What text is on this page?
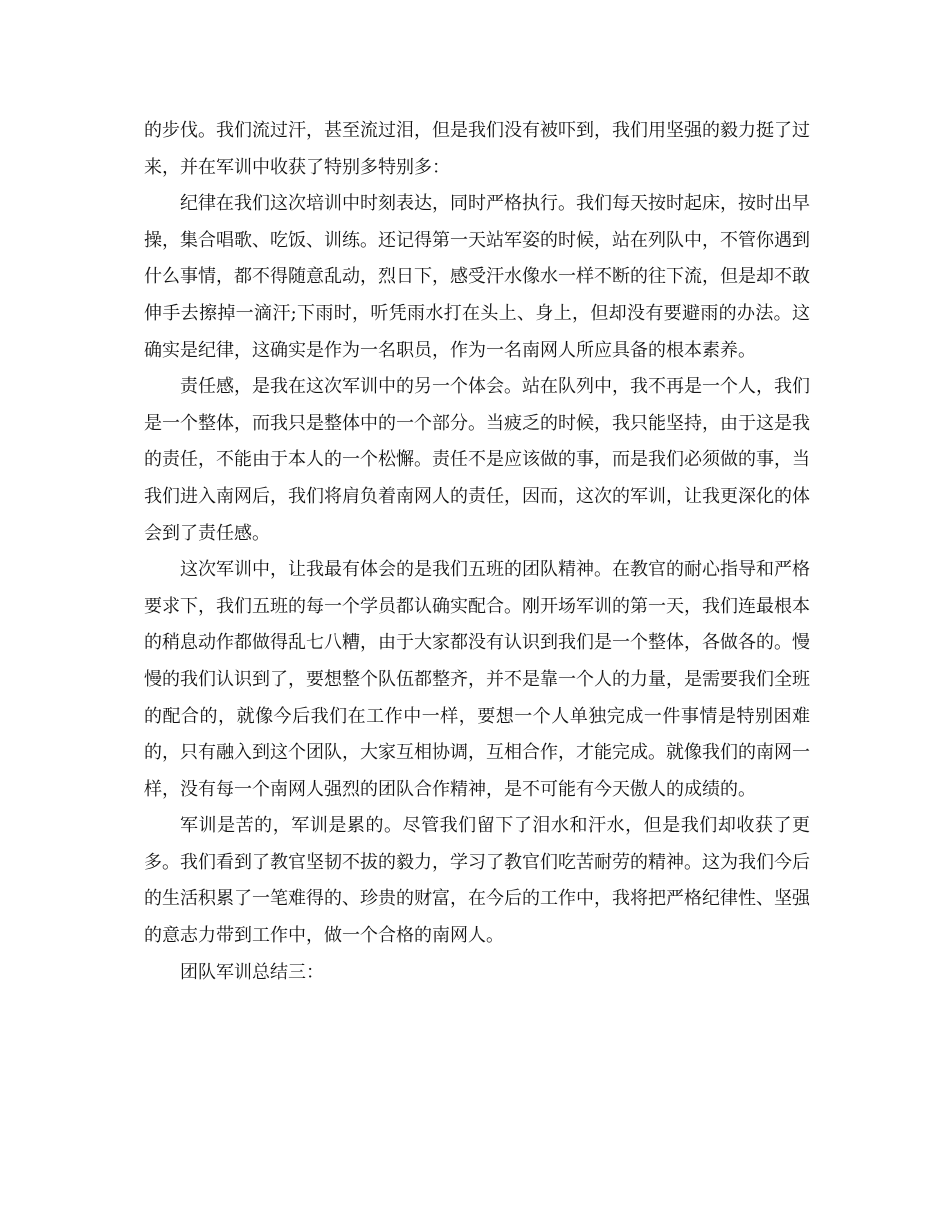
的步伐。我们流过汗，甚至流过泪，但是我们没有被吓到，我们用坚强的毅力挺了过来，并在军训中收获了特别多特别多：

纪律在我们这次培训中时刻表达，同时严格执行。我们每天按时起床，按时出早操，集合唱歌、吃饭、训练。还记得第一天站军姿的时候，站在列队中，不管你遇到什么事情，都不得随意乱动，烈日下，感受汗水像水一样不断的往下流，但是却不敢伸手去擦掉一滴汗;下雨时，听凭雨水打在头上、身上，但却没有要避雨的办法。这确实是纪律，这确实是作为一名职员，作为一名南网人所应具备的根本素养。

责任感，是我在这次军训中的另一个体会。站在队列中，我不再是一个人，我们是一个整体，而我只是整体中的一个部分。当疲乏的时候，我只能坚持，由于这是我的责任，不能由于本人的一个松懈。责任不是应该做的事，而是我们必须做的事，当我们进入南网后，我们将肩负着南网人的责任，因而，这次的军训，让我更深化的体会到了责任感。

这次军训中，让我最有体会的是我们五班的团队精神。在教官的耐心指导和严格要求下，我们五班的每一个学员都认确实配合。刚开场军训的第一天，我们连最根本的稍息动作都做得乱七八糟，由于大家都没有认识到我们是一个整体，各做各的。慢慢的我们认识到了，要想整个队伍都整齐，并不是靠一个人的力量，是需要我们全班的配合的，就像今后我们在工作中一样，要想一个人单独完成一件事情是特别困难的，只有融入到这个团队，大家互相协调，互相合作，才能完成。就像我们的南网一样，没有每一个南网人强烈的团队合作精神，是不可能有今天傲人的成绩的。

军训是苦的，军训是累的。尽管我们留下了泪水和汗水，但是我们却收获了更多。我们看到了教官坚韧不拔的毅力，学习了教官们吃苦耐劳的精神。这为我们今后的生活积累了一笔难得的、珍贵的财富，在今后的工作中，我将把严格纪律性、坚强的意志力带到工作中，做一个合格的南网人。

团队军训总结三：
